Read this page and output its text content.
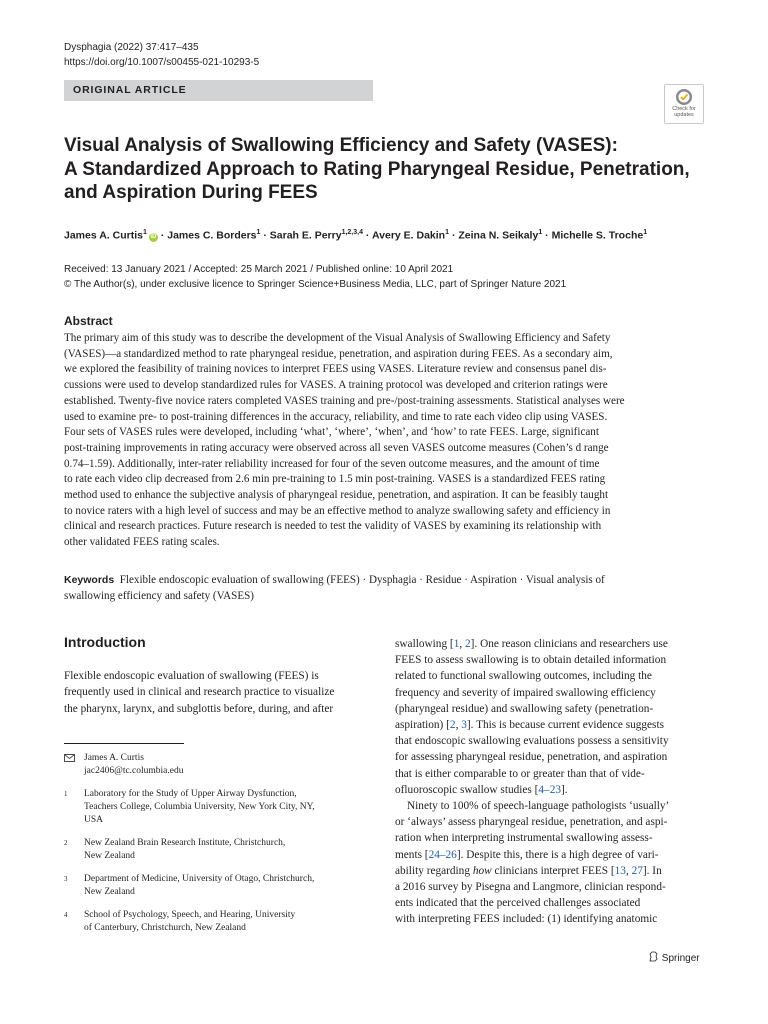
Dysphagia (2022) 37:417–435
https://doi.org/10.1007/s00455-021-10293-5
ORIGINAL ARTICLE
Check for
updates
Visual Analysis of Swallowing Efficiency and Safety (VASES):
A Standardized Approach to Rating Pharyngeal Residue, Penetration,
and Aspiration During FEES
James A. Curtis$^1$iD · James C. Borders$^1$ · Sarah E. Perry$^{1,2,3,4}$ · Avery E. Dakin$^1$ · Zeina N. Seikaly$^1$ · Michelle S. Troche$^1$
Received: 13 January 2021 / Accepted: 25 March 2021 / Published online: 10 April 2021
© The Author(s), under exclusive licence to Springer Science+Business Media, LLC, part of Springer Nature 2021
Abstract
The primary aim of this study was to describe the development of the Visual Analysis of Swallowing Efficiency and Safety
(VASES)—a standardized method to rate pharyngeal residue, penetration, and aspiration during FEES. As a secondary aim,
we explored the feasibility of training novices to interpret FEES using VASES. Literature review and consensus panel dis-
cussions were used to develop standardized rules for VASES. A training protocol was developed and criterion ratings were
established. Twenty-five novice raters completed VASES training and pre-/post-training assessments. Statistical analyses were
used to examine pre- to post-training differences in the accuracy, reliability, and time to rate each video clip using VASES.
Four sets of VASES rules were developed, including ‘what’, ‘where’, ‘when’, and ‘how’ to rate FEES. Large, significant
post-training improvements in rating accuracy were observed across all seven VASES outcome measures (Cohen’s d range
0.74–1.59). Additionally, inter-rater reliability increased for four of the seven outcome measures, and the amount of time
to rate each video clip decreased from 2.6 min pre-training to 1.5 min post-training. VASES is a standardized FEES rating
method used to enhance the subjective analysis of pharyngeal residue, penetration, and aspiration. It can be feasibly taught
to novice raters with a high level of success and may be an effective method to analyze swallowing safety and efficiency in
clinical and research practices. Future research is needed to test the validity of VASES by examining its relationship with
other validated FEES rating scales.
Keywords Flexible endoscopic evaluation of swallowing (FEES) · Dysphagia · Residue · Aspiration · Visual analysis of
swallowing efficiency and safety (VASES)
Introduction
Flexible endoscopic evaluation of swallowing (FEES) is
frequently used in clinical and research practice to visualize
the pharynx, larynx, and subglottis before, during, and after
James A. Curtis
jac2406@tc.columbia.edu
1 Laboratory for the Study of Upper Airway Dysfunction,
Teachers College, Columbia University, New York City, NY,
USA
2 New Zealand Brain Research Institute, Christchurch,
New Zealand
3 Department of Medicine, University of Otago, Christchurch,
New Zealand
4 School of Psychology, Speech, and Hearing, University
of Canterbury, Christchurch, New Zealand
swallowing [1, 2]. One reason clinicians and researchers use
FEES to assess swallowing is to obtain detailed information
related to functional swallowing outcomes, including the
frequency and severity of impaired swallowing efficiency
(pharyngeal residue) and swallowing safety (penetration-
aspiration) [2, 3]. This is because current evidence suggests
that endoscopic swallowing evaluations possess a sensitivity
for assessing pharyngeal residue, penetration, and aspiration
that is either comparable to or greater than that of vide-
ofluoroscopic swallow studies [4–23].
Ninety to 100% of speech-language pathologists ‘usually’
or ‘always’ assess pharyngeal residue, penetration, and aspi-
ration when interpreting instrumental swallowing assess-
ments [24–26]. Despite this, there is a high degree of vari-
ability regarding how clinicians interpret FEES [13, 27]. In
a 2016 survey by Pisegna and Langmore, clinician respond-
ents indicated that the perceived challenges associated
with interpreting FEES included: (1) identifying anatomic
Springer
